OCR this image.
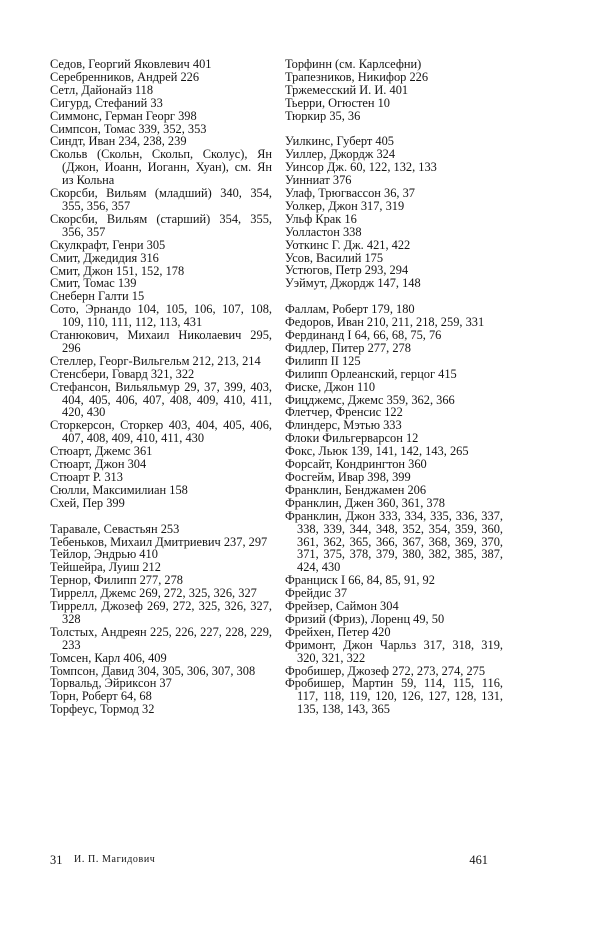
Седов, Георгий Яковлевич 401
Серебренников, Андрей 226
Сетл, Дайонайз 118
Сигурд, Стефаний 33
Симмонс, Герман Георг 398
Симпсон, Томас 339, 352, 353
Синдт, Иван 234, 238, 239
Скольв (Скольн, Скольп, Сколус), Ян (Джон, Иоанн, Иоганн, Хуан), см. Ян из Кольна
Скорсби, Вильям (младший) 340, 354, 355, 356, 357
Скорсби, Вильям (старший) 354, 355, 356, 357
Скулкрафт, Генри 305
Смит, Джедидия 316
Смит, Джон 151, 152, 178
Смит, Томас 139
Снеберн Галти 15
Сото, Эрнандо 104, 105, 106, 107, 108, 109, 110, 111, 112, 113, 431
Станюкович, Михаил Николаевич 295, 296
Стеллер, Георг-Вильгельм 212, 213, 214
Стенсбери, Говард 321, 322
Стефансон, Вильяльмур 29, 37, 399, 403, 404, 405, 406, 407, 408, 409, 410, 411, 420, 430
Сторкерсон, Сторкер 403, 404, 405, 406, 407, 408, 409, 410, 411, 430
Стюарт, Джемс 361
Стюарт, Джон 304
Стюарт Р. 313
Сюлли, Максимилиан 158
Схей, Пер 399
Таравале, Севастьян 253
Тебеньков, Михаил Дмитриевич 237, 297
Тейлор, Эндрью 410
Тейшейра, Луиш 212
Тернор, Филипп 277, 278
Тиррелл, Джемс 269, 272, 325, 326, 327
Тиррелл, Джозеф 269, 272, 325, 326, 327, 328
Толстых, Андреян 225, 226, 227, 228, 229, 233
Томсен, Карл 406, 409
Томпсон, Давид 304, 305, 306, 307, 308
Торвальд, Эйриксон 37
Торн, Роберт 64, 68
Торфеус, Тормод 32
Торфинн (см. Карлсефни)
Трапезников, Никифор 226
Тржемесский И. И. 401
Тьерри, Огюстен 10
Тюркир 35, 36
Уилкинс, Губерт 405
Уиллер, Джордж 324
Уинсор Дж. 60, 122, 132, 133
Уинниат 376
Улаф, Трюгвассон 36, 37
Уолкер, Джон 317, 319
Ульф Крак 16
Уолластон 338
Уоткинс Г. Дж. 421, 422
Усов, Василий 175
Устюгов, Петр 293, 294
Уэймут, Джордж 147, 148
Фаллам, Роберт 179, 180
Федоров, Иван 210, 211, 218, 259, 331
Фердинанд I 64, 66, 68, 75, 76
Фидлер, Питер 277, 278
Филипп II 125
Филипп Орлеанский, герцог 415
Фиске, Джон 110
Фицджемс, Джемс 359, 362, 366
Флетчер, Френсис 122
Флиндерс, Мэтью 333
Флоки Фильгерварсон 12
Фокс, Льюк 139, 141, 142, 143, 265
Форсайт, Кондрингтон 360
Фосгейм, Ивар 398, 399
Франклин, Бенджамен 206
Франклин, Джен 360, 361, 378
Франклин, Джон 333, 334, 335, 336, 337, 338, 339, 344, 348, 352, 354, 359, 360, 361, 362, 365, 366, 367, 368, 369, 370, 371, 375, 378, 379, 380, 382, 385, 387, 424, 430
Франциск I 66, 84, 85, 91, 92
Фрейдис 37
Фрейзер, Саймон 304
Фризий (Фриз), Лоренц 49, 50
Фрейхен, Петер 420
Фримонт, Джон Чарльз 317, 318, 319, 320, 321, 322
Фробишер, Джозеф 272, 273, 274, 275
Фробишер, Мартин 59, 114, 115, 116, 117, 118, 119, 120, 126, 127, 128, 131, 135, 138, 143, 365
31 И. П. Магидович	461
